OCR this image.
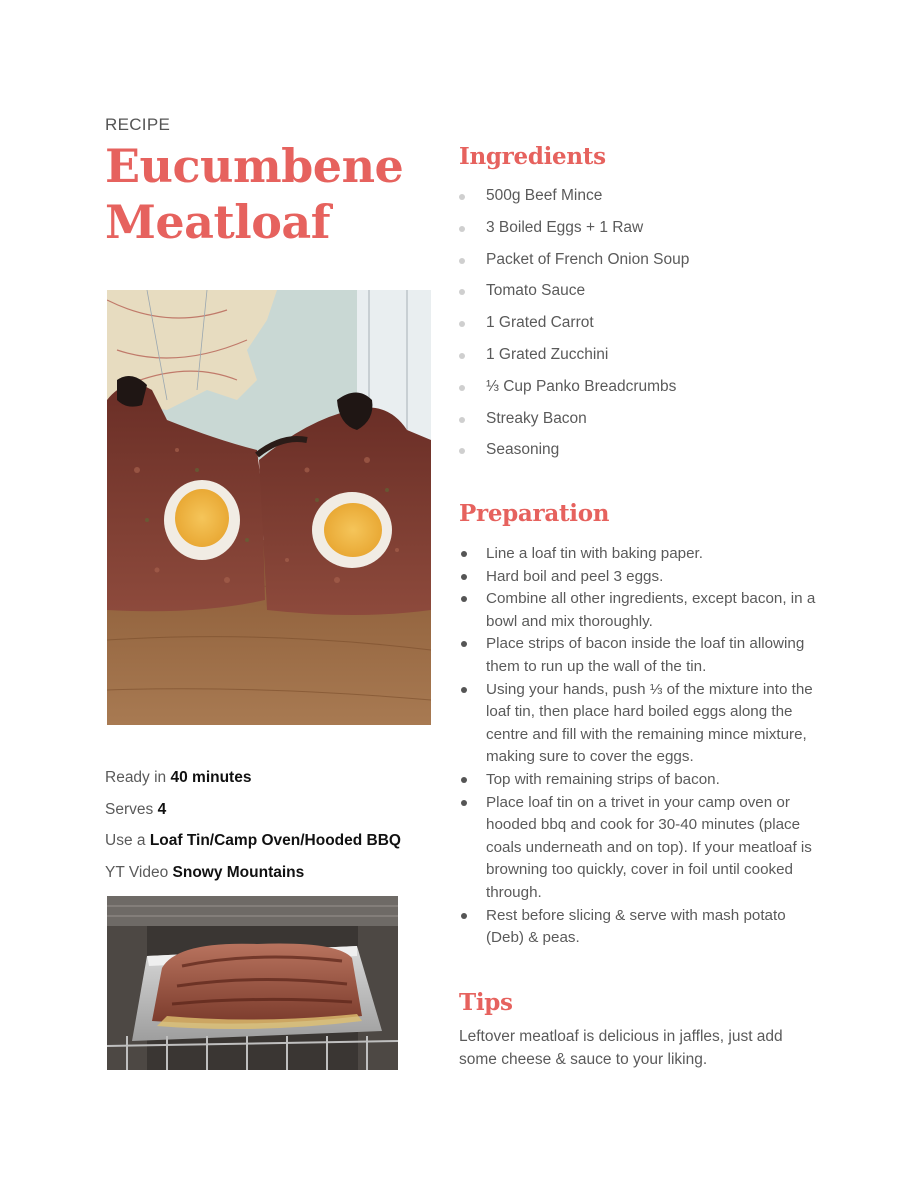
RECIPE
Eucumbene Meatloaf
Ready in 40 minutes
Serves 4
Use a Loaf Tin/Camp Oven/Hooded BBQ
YT Video Snowy Mountains
Ingredients
500g Beef Mince
3 Boiled Eggs + 1 Raw
Packet of French Onion Soup
Tomato Sauce
1 Grated Carrot
1 Grated Zucchini
⅓ Cup Panko Breadcrumbs
Streaky Bacon
Seasoning
Preparation
Line a loaf tin with baking paper.
Hard boil and peel 3 eggs.
Combine all other ingredients, except bacon, in a bowl and mix thoroughly.
Place strips of bacon inside the loaf tin allowing them to run up the wall of the tin.
Using your hands, push ⅓ of the mixture into the loaf tin, then place hard boiled eggs along the centre and fill with the remaining mince mixture, making sure to cover the eggs.
Top with remaining strips of bacon.
Place loaf tin on a trivet in your camp oven or hooded bbq and cook for 30-40 minutes (place coals underneath and on top). If your meatloaf is browning too quickly, cover in foil until cooked through.
Rest before slicing & serve with mash potato (Deb) & peas.
Tips
Leftover meatloaf is delicious in jaffles, just add some cheese & sauce to your liking.
